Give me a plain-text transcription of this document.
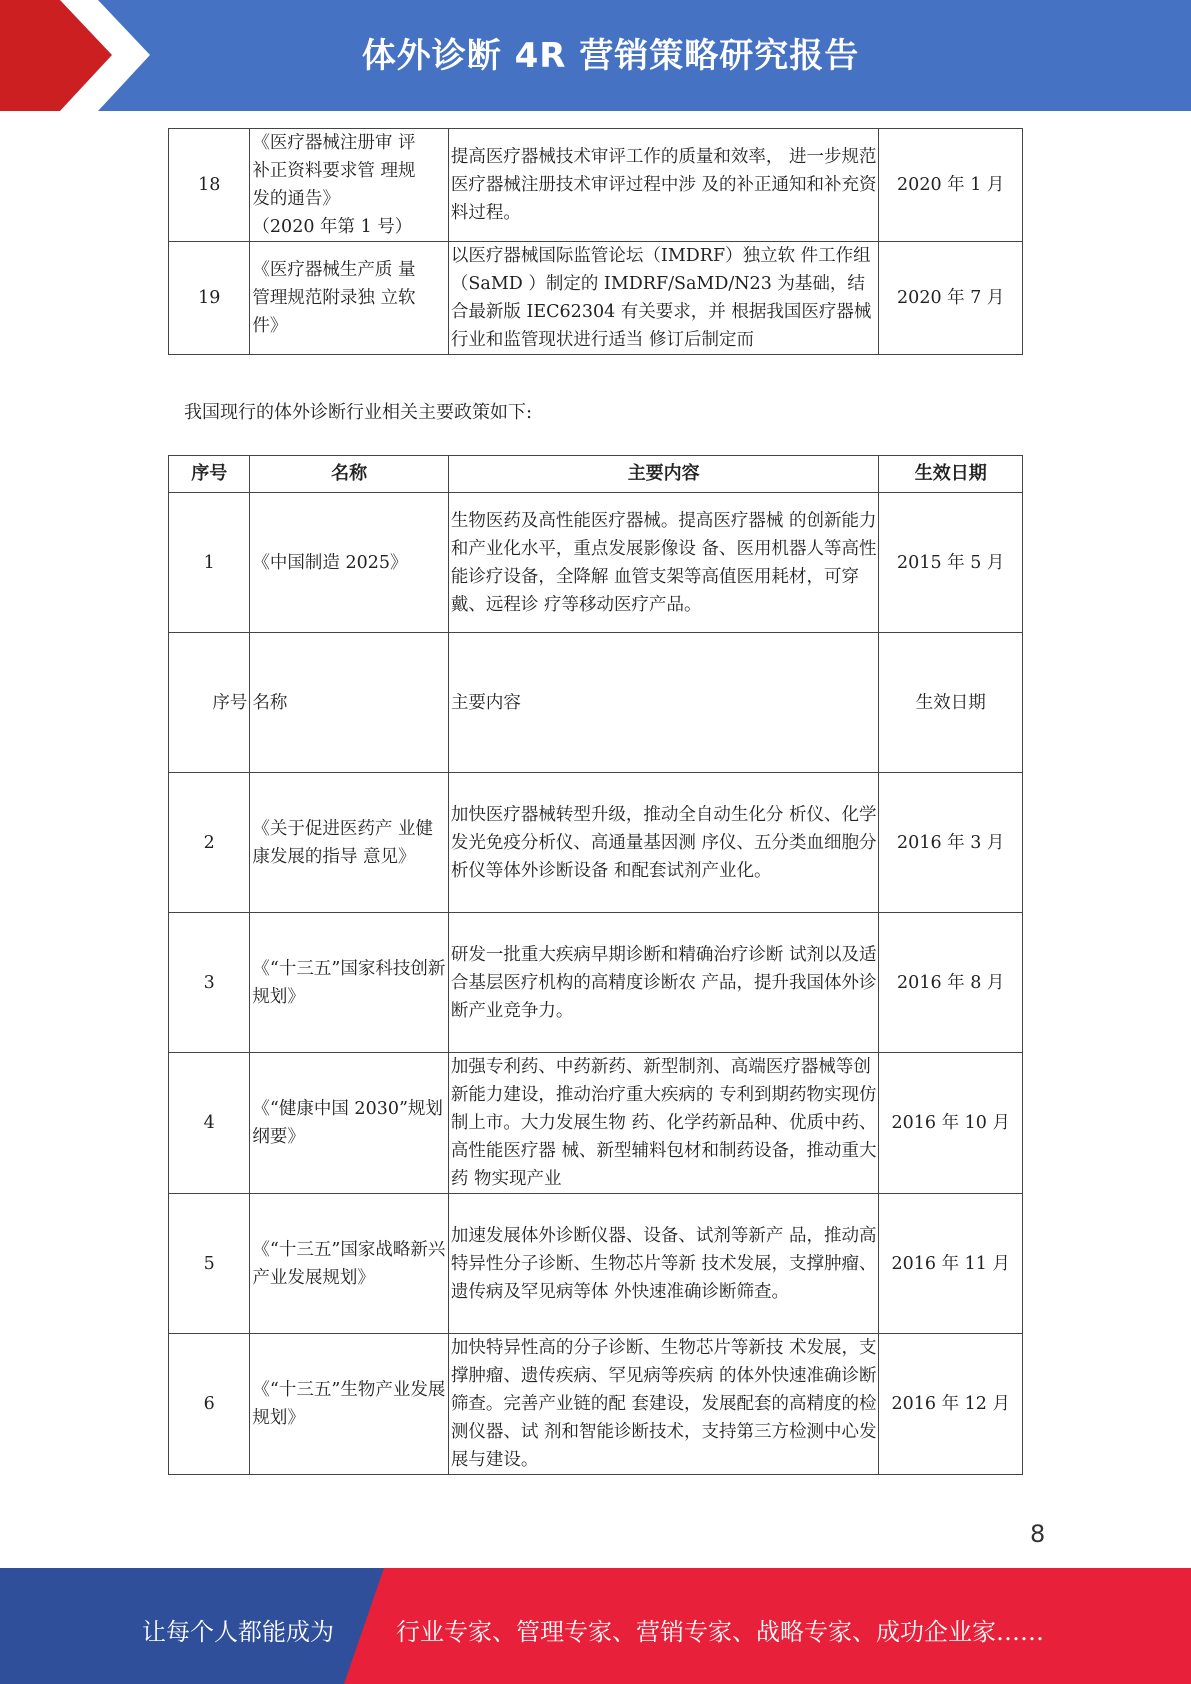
体外诊断 4R 营销策略研究报告
18	《医疗器械注册审 评
补正资料要求管 理规
发的通告》
（2020 年第 1 号）	提高医疗器械技术审评工作的质量和效率， 进一步规范医疗器械注册技术审评过程中涉 及的补正通知和补充资料过程。	2020 年 1 月
19	《医疗器械生产质 量
管理规范附录独 立软
件》	以医疗器械国际监管论坛（IMDRF）独立软 件工作组（SaMD ）制定的 IMDRF/SaMD/N23 为基础，结合最新版 IEC62304 有关要求，并 根据我国医疗器械行业和监管现状进行适当 修订后制定而	2020 年 7 月
我国现行的体外诊断行业相关主要政策如下:
序号	名称	主要内容	生效日期
1	《中国制造 2025》	生物医药及高性能医疗器械。提高医疗器械 的创新能力和产业化水平，重点发展影像设 备、医用机器人等高性能诊疗设备，全降解 血管支架等高值医用耗材，可穿戴、远程诊 疗等移动医疗产品。	2015 年 5 月
序号	名称	主要内容	生效日期
2	《关于促进医药产 业健康发展的指导 意见》	加快医疗器械转型升级，推动全自动生化分 析仪、化学发光免疫分析仪、高通量基因测 序仪、五分类血细胞分析仪等体外诊断设备 和配套试剂产业化。	2016 年 3 月
3	《“十三五”国家科技创新规划》	研发一批重大疾病早期诊断和精确治疗诊断 试剂以及适合基层医疗机构的高精度诊断农 产品，提升我国体外诊断产业竞争力。	2016 年 8 月
4	《“健康中国 2030”规划纲要》	加强专利药、中药新药、新型制剂、高端医疗器械等创新能力建设，推动治疗重大疾病的 专利到期药物实现仿制上市。大力发展生物 药、化学药新品种、优质中药、高性能医疗器 械、新型辅料包材和制药设备，推动重大药 物实现产业	2016 年 10 月
5	《“十三五”国家战略新兴产业发展规划》	加速发展体外诊断仪器、设备、试剂等新产 品，推动高特异性分子诊断、生物芯片等新 技术发展，支撑肿瘤、遗传病及罕见病等体 外快速准确诊断筛查。	2016 年 11 月
6	《“十三五”生物产业发展规划》	加快特异性高的分子诊断、生物芯片等新技 术发展，支撑肿瘤、遗传疾病、罕见病等疾病 的体外快速准确诊断筛查。完善产业链的配 套建设，发展配套的高精度的检测仪器、试 剂和智能诊断技术，支持第三方检测中心发 展与建设。	2016 年 12 月
8
让每个人都能成为	行业专家、管理专家、营销专家、战略专家、成功企业家……
